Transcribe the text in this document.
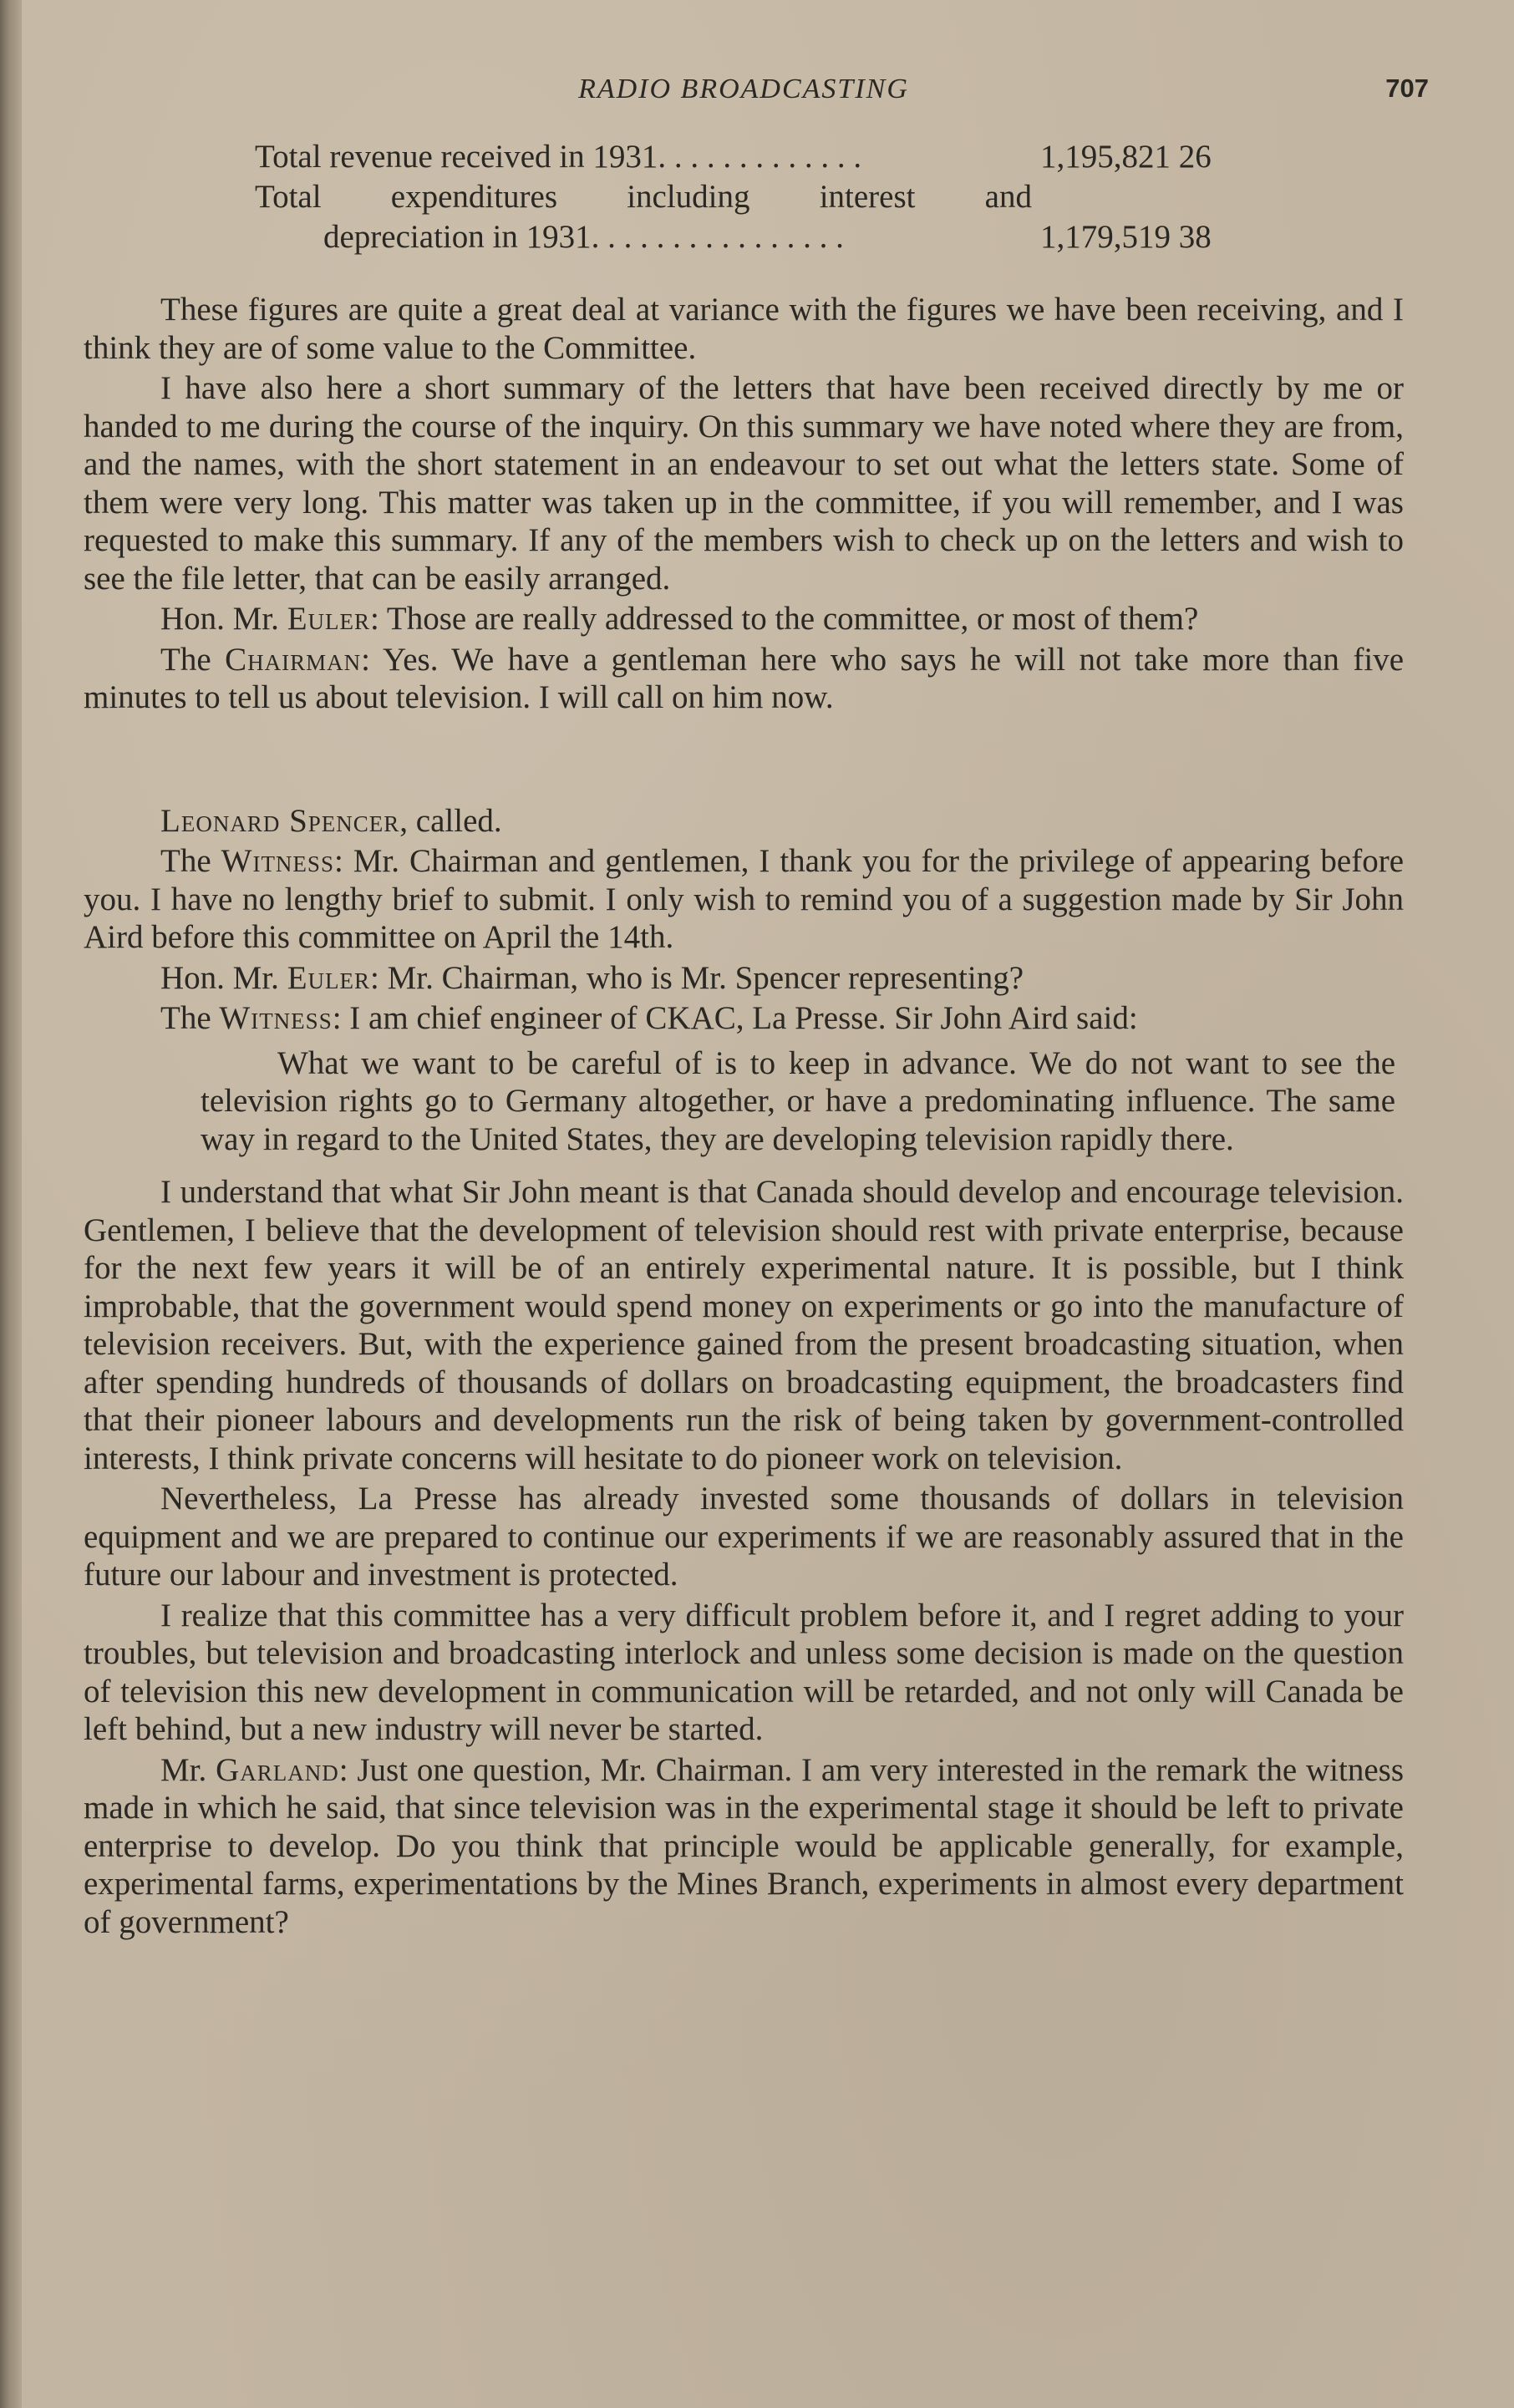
RADIO BROADCASTING	707
Total revenue received in 1931. . . . . . . . . . . . .	1,195,821 26
Total expenditures including interest and
depreciation in 1931. . . . . . . . . . . . . . . .	1,179,519 38

These figures are quite a great deal at variance with the figures we have been receiving, and I think they are of some value to the Committee.

I have also here a short summary of the letters that have been received directly by me or handed to me during the course of the inquiry. On this summary we have noted where they are from, and the names, with the short statement in an endeavour to set out what the letters state. Some of them were very long. This matter was taken up in the committee, if you will remember, and I was requested to make this summary. If any of the members wish to check up on the letters and wish to see the file letter, that can be easily arranged.

Hon. Mr. Euler: Those are really addressed to the committee, or most of them?

The Chairman: Yes. We have a gentleman here who says he will not take more than five minutes to tell us about television. I will call on him now.

Leonard Spencer, called.

The Witness: Mr. Chairman and gentlemen, I thank you for the privilege of appearing before you. I have no lengthy brief to submit. I only wish to remind you of a suggestion made by Sir John Aird before this committee on April the 14th.

Hon. Mr. Euler: Mr. Chairman, who is Mr. Spencer representing?

The Witness: I am chief engineer of CKAC, La Presse. Sir John Aird said:

What we want to be careful of is to keep in advance. We do not want to see the television rights go to Germany altogether, or have a predominating influence. The same way in regard to the United States, they are developing television rapidly there.

I understand that what Sir John meant is that Canada should develop and encourage television. Gentlemen, I believe that the development of television should rest with private enterprise, because for the next few years it will be of an entirely experimental nature. It is possible, but I think improbable, that the government would spend money on experiments or go into the manufacture of television receivers. But, with the experience gained from the present broadcasting situation, when after spending hundreds of thousands of dollars on broadcasting equipment, the broadcasters find that their pioneer labours and developments run the risk of being taken by government-controlled interests, I think private concerns will hesitate to do pioneer work on television.

Nevertheless, La Presse has already invested some thousands of dollars in television equipment and we are prepared to continue our experiments if we are reasonably assured that in the future our labour and investment is protected.

I realize that this committee has a very difficult problem before it, and I regret adding to your troubles, but television and broadcasting interlock and unless some decision is made on the question of television this new development in communication will be retarded, and not only will Canada be left behind, but a new industry will never be started.

Mr. Garland: Just one question, Mr. Chairman. I am very interested in the remark the witness made in which he said, that since television was in the experimental stage it should be left to private enterprise to develop. Do you think that principle would be applicable generally, for example, experimental farms, experimentations by the Mines Branch, experiments in almost every department of government?
